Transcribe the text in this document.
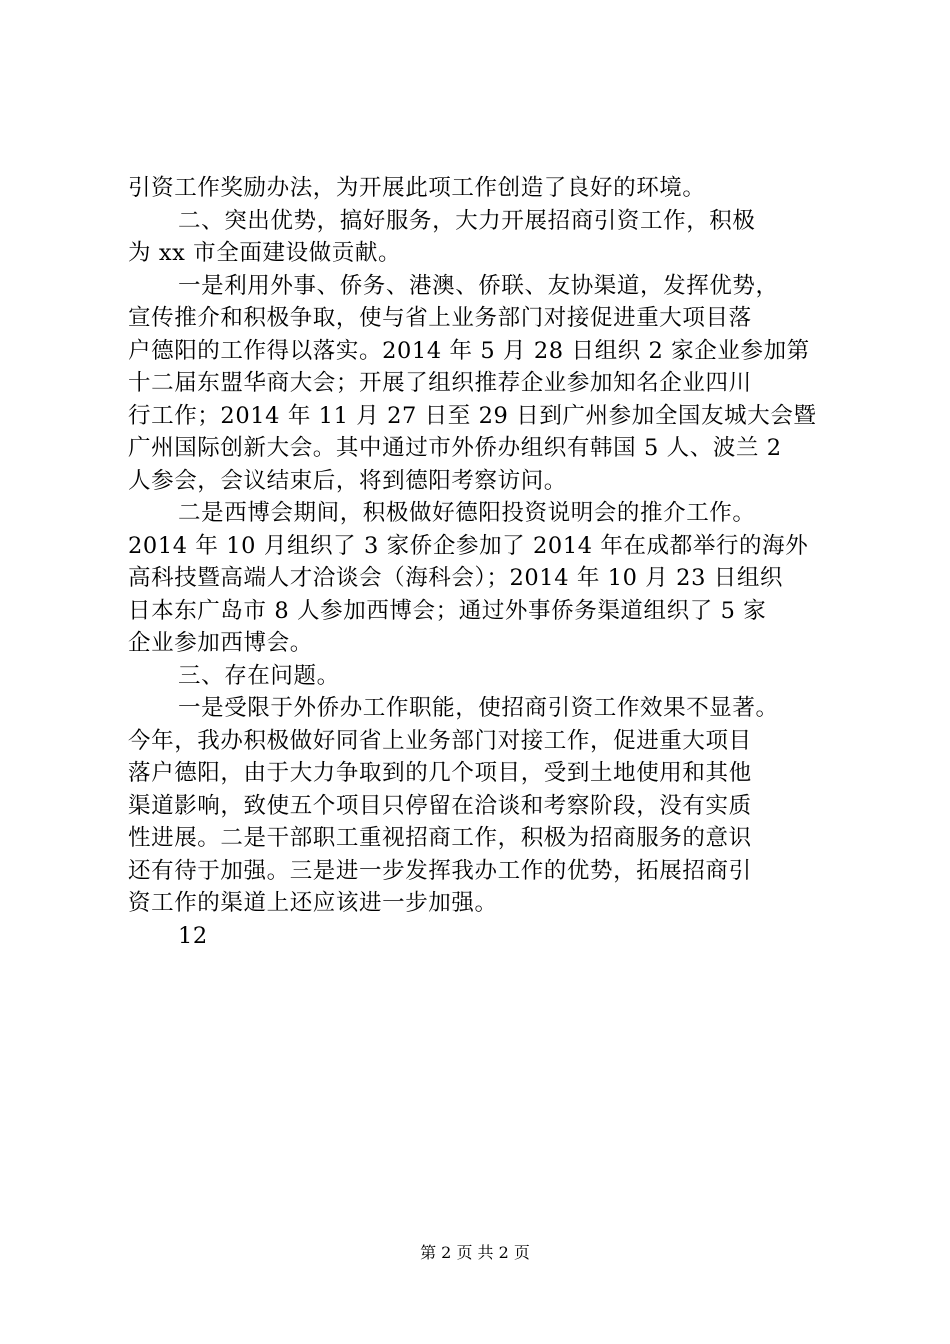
引资工作奖励办法，为开展此项工作创造了良好的环境。
二、突出优势，搞好服务，大力开展招商引资工作，积极
为 xx 市全面建设做贡献。
一是利用外事、侨务、港澳、侨联、友协渠道，发挥优势，
宣传推介和积极争取，使与省上业务部门对接促进重大项目落
户德阳的工作得以落实。2014 年 5 月 28 日组织 2 家企业参加第
十二届东盟华商大会；开展了组织推荐企业参加知名企业四川
行工作；2014 年 11 月 27 日至 29 日到广州参加全国友城大会暨
广州国际创新大会。其中通过市外侨办组织有韩国 5 人、波兰 2
人参会，会议结束后，将到德阳考察访问。
二是西博会期间，积极做好德阳投资说明会的推介工作。
2014 年 10 月组织了 3 家侨企参加了 2014 年在成都举行的海外
高科技暨高端人才洽谈会（海科会）；2014 年 10 月 23 日组织
日本东广岛市 8 人参加西博会；通过外事侨务渠道组织了 5 家
企业参加西博会。
三、存在问题。
一是受限于外侨办工作职能，使招商引资工作效果不显著。
今年，我办积极做好同省上业务部门对接工作，促进重大项目
落户德阳，由于大力争取到的几个项目，受到土地使用和其他
渠道影响，致使五个项目只停留在洽谈和考察阶段，没有实质
性进展。二是干部职工重视招商工作，积极为招商服务的意识
还有待于加强。三是进一步发挥我办工作的优势，拓展招商引
资工作的渠道上还应该进一步加强。
12
第 2 页 共 2 页
